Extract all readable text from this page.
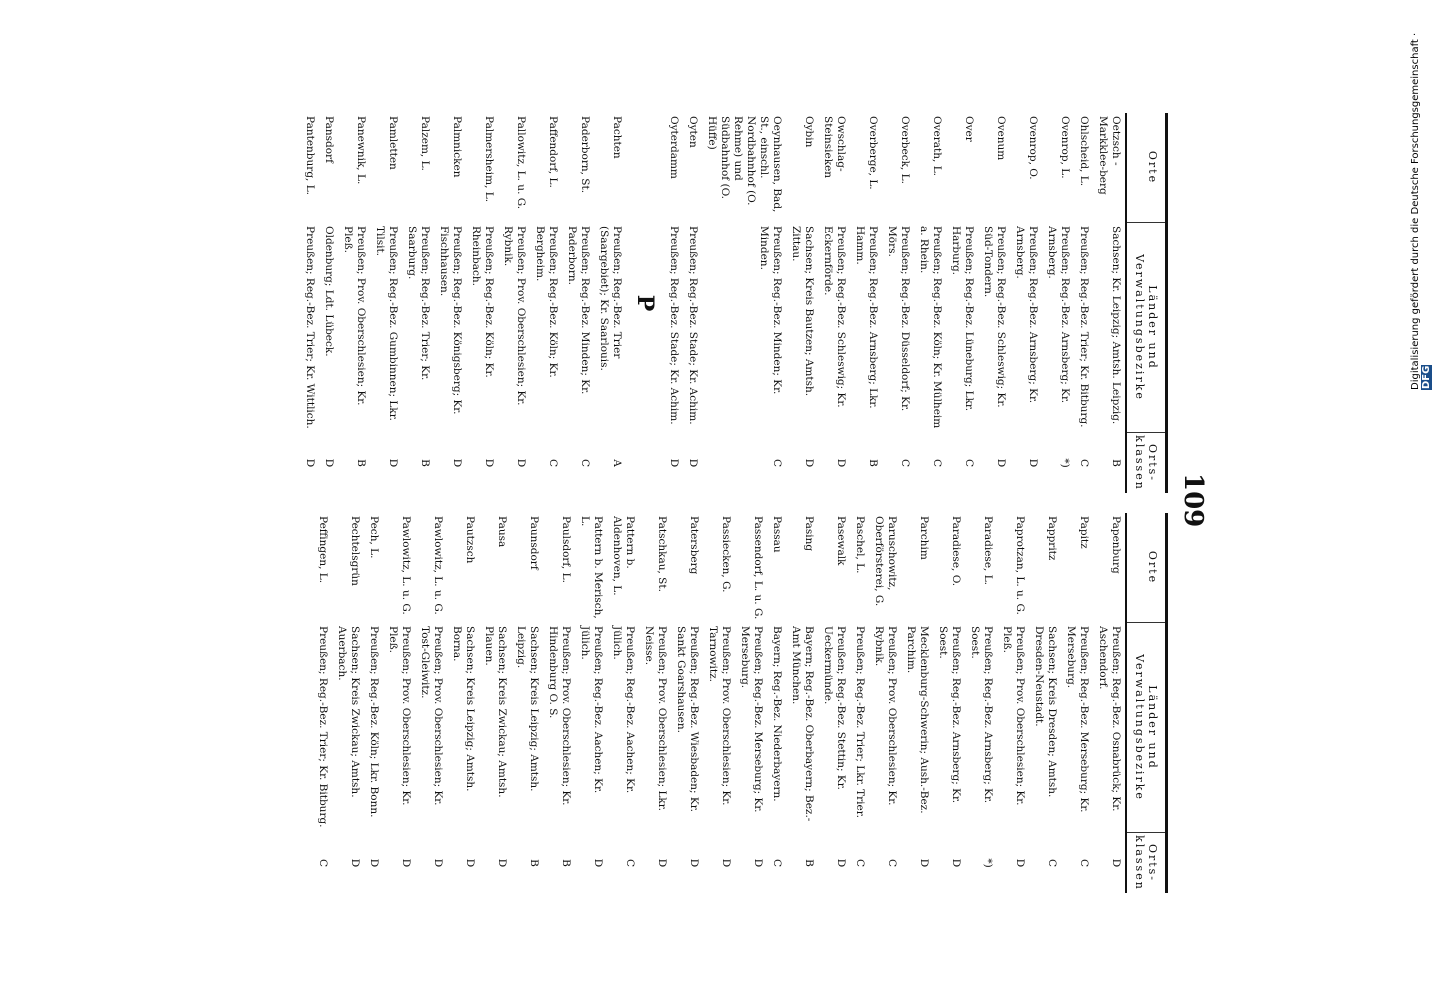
109
Orte
Länder und Verwaltungsbezirke
Orts-klassen
Oetzsch - Markklee-berg
Sachsen; Kr. Leipzig; Amtsh. Leipzig.
B
Ohlscheid, L.
Preußen; Reg.-Bez. Trier; Kr. Bitburg.
C
Ovenrop, L.
Preußen; Reg.-Bez. Arnsberg; Kr. Arnsberg.
*)
Ovenrop, O.
Preußen; Reg.-Bez. Arnsberg; Kr. Arnsberg.
D
Ovenum
Preußen; Reg.-Bez. Schleswig; Kr. Süd-Tondern.
D
Over
Preußen; Reg.-Bez. Lüneburg; Lkr. Harburg.
C
Overath, L.
Preußen; Reg.-Bez. Köln; Kr. Mülheim a. Rhein.
C
Overbeck, L.
Preußen; Reg.-Bez. Düsseldorf; Kr. Mörs.
C
Overberge, L.
Preußen; Reg.-Bez. Arnsberg; Lkr. Hamm.
B
Owschlag-Steinsieken
Preußen; Reg.-Bez. Schleswig; Kr. Eckernförde.
D
Oybin
Sachsen; Kreis Bautzen; Amtsh. Zittau.
D
Oeynhausen, Bad, St., einschl. Nordbahnhof (O. Rehme) und Südbahnhof (O. Hüffe)
Preußen; Reg.-Bez. Minden; Kr. Minden.
C
Oyten
Preußen; Reg.-Bez. Stade; Kr. Achim.
D
Oyterdamm
Preußen; Reg.-Bez. Stade; Kr. Achim.
D
P
Pachten
Preußen; Reg.-Bez. Trier (Saargebiet); Kr. Saarlouis.
A
Paderborn, St.
Preußen; Reg.-Bez. Minden; Kr. Paderborn.
C
Paffendorf, L.
Preußen; Reg.-Bez. Köln; Kr. Bergheim.
C
Pallowitz, L. u. G.
Preußen; Prov. Oberschlesien; Kr. Rybnik.
D
Palmersheim, L.
Preußen; Reg.-Bez. Köln; Kr. Rheinbach.
D
Palmnicken
Preußen; Reg.-Bez. Königsberg; Kr. Fischhausen.
D
Palzem, L.
Preußen; Reg.-Bez. Trier; Kr. Saarburg.
B
Pamletten
Preußen; Reg.-Bez. Gumbinnen; Lkr. Tilsit.
D
Panewnik, L.
Preußen; Prov. Oberschlesien; Kr. Pleß.
B
Pansdorf
Oldenburg; Ldt. Lübeck.
D
Pantenburg, L.
Preußen; Reg.-Bez. Trier; Kr. Wittlich.
D
Orte
Länder und Verwaltungsbezirke
Orts-klassen
Papenburg
Preußen; Reg.-Bez. Osnabrück; Kr. Aschendorf.
D
Papitz
Preußen; Reg.-Bez. Merseburg; Kr. Merseburg.
C
Pappritz
Sachsen; Kreis Dresden; Amtsh. Dresden-Neustadt.
C
Paprotzan, L. u. G.
Preußen; Prov. Oberschlesien; Kr. Pleß.
D
Paradiese, L.
Preußen; Reg.-Bez. Arnsberg; Kr. Soest.
*)
Paradiese, O.
Preußen; Reg.-Bez. Arnsberg; Kr. Soest.
D
Parchim
Mecklenburg-Schwerin; Aush.-Bez. Parchim.
D
Paruschowitz, Oberförsterei, G.
Preußen; Prov. Oberschlesien; Kr. Rybnik.
C
Paschel, L.
Preußen; Reg.-Bez. Trier; Lkr. Trier.
C
Pasewalk
Preußen; Reg.-Bez. Stettin; Kr. Ueckermünde.
D
Pasing
Bayern; Reg.-Bez. Oberbayern; Bez.-Amt München.
B
Passau
Bayern; Reg.-Bez. Niederbayern.
C
Passendorf, L. u. G.
Preußen; Reg.-Bez. Merseburg; Kr. Merseburg.
D
Passiecken, G.
Preußen; Prov. Oberschlesien; Kr. Tarnowitz.
D
Patersberg
Preußen; Reg.-Bez. Wiesbaden; Kr. Sankt Goarshausen.
D
Patschkau, St.
Preußen; Prov. Oberschlesien; Lkr. Neisse.
D
Pattern b. Aldenhoven, L.
Preußen; Reg.-Bez. Aachen; Kr. Jülich.
C
Pattern b. Merisch, L.
Preußen; Reg.-Bez. Aachen; Kr. Jülich.
D
Paulsdorf, L.
Preußen; Prov. Oberschlesien; Kr. Hindenburg O. S.
B
Paunsdorf
Sachsen; Kreis Leipzig; Amtsh. Leipzig.
B
Pausa
Sachsen; Kreis Zwickau; Amtsh. Plauen.
D
Pautzsch
Sachsen; Kreis Leipzig; Amtsh. Borna.
D
Pawlowitz, L. u. G.
Preußen; Prov. Oberschlesien; Kr. Tost-Gleiwitz.
D
Pawlowitz, L. u. G.
Preußen; Prov. Oberschlesien; Kr. Pleß.
D
Pech, L.
Preußen; Reg.-Bez. Köln; Lkr. Bonn.
D
Pechtelsgrün
Sachsen; Kreis Zwickau; Amtsh. Auerbach.
D
Peffingen, L.
Preußen; Reg.-Bez. Trier; Kr. Bitburg.
C
Digitalisierung gefördert durch die Deutsche Forschungsgemeinschaft · DFG
